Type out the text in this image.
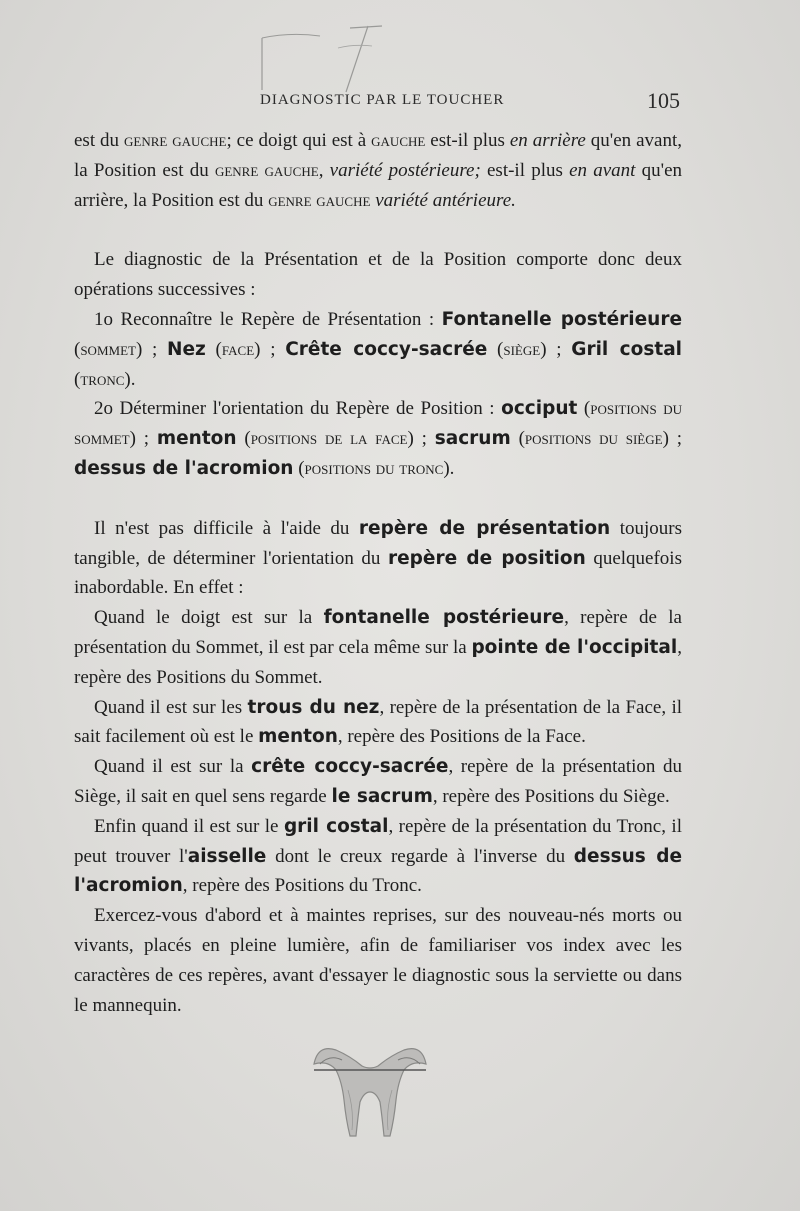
DIAGNOSTIC PAR LE TOUCHER	105

est du genre gauche; ce doigt qui est à gauche est-il plus en arrière qu'en avant, la Position est du genre gauche, variété postérieure; est-il plus en avant qu'en arrière, la Position est du genre gauche variété antérieure.

Le diagnostic de la Présentation et de la Position comporte donc deux opérations successives :

1o Reconnaître le Repère de Présentation : Fontanelle postérieure (sommet) ; Nez (face) ; Crête coccy-sacrée (siège) ; Gril costal (tronc).

2o Déterminer l'orientation du Repère de Position : occiput (positions du sommet) ; menton (positions de la face) ; sacrum (positions du siège) ; dessus de l'acromion (positions du tronc).

Il n'est pas difficile à l'aide du repère de présentation toujours tangible, de déterminer l'orientation du repère de position quelquefois inabordable. En effet :

Quand le doigt est sur la fontanelle postérieure, repère de la présentation du Sommet, il est par cela même sur la pointe de l'occipital, repère des Positions du Sommet.

Quand il est sur les trous du nez, repère de la présentation de la Face, il sait facilement où est le menton, repère des Positions de la Face.

Quand il est sur la crête coccy-sacrée, repère de la présentation du Siège, il sait en quel sens regarde le sacrum, repère des Positions du Siège.

Enfin quand il est sur le gril costal, repère de la présentation du Tronc, il peut trouver l'aisselle dont le creux regarde à l'inverse du dessus de l'acromion, repère des Positions du Tronc.

Exercez-vous d'abord et à maintes reprises, sur des nouveau-nés morts ou vivants, placés en pleine lumière, afin de familiariser vos index avec les caractères de ces repères, avant d'essayer le diagnostic sous la serviette ou dans le mannequin.
